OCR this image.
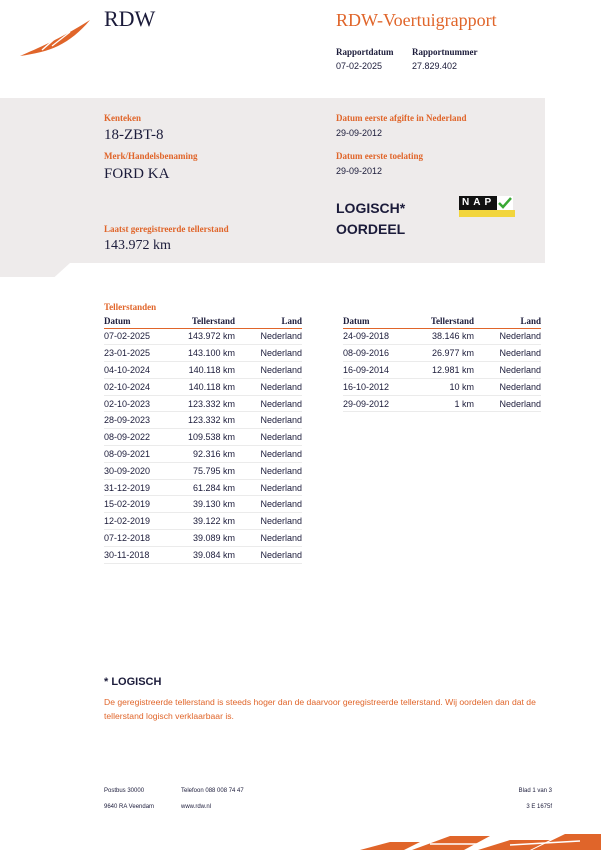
RDW	RDW-Voertuigrapport
Rapportdatum Rapportnummer
07-02-2025	27.829.402
Kenteken
18-ZBT-8
Merk/Handelsbenaming
FORD KA
Laatst geregistreerde tellerstand
143.972 km
Datum eerste afgifte in Nederland
29-09-2012
Datum eerste toelating
29-09-2012
LOGISCH*
OORDEEL
NAP
Tellerstanden
Datum	Tellerstand	Land
07-02-2025	143.972 km	Nederland
23-01-2025	143.100 km	Nederland
04-10-2024	140.118 km	Nederland
02-10-2024	140.118 km	Nederland
02-10-2023	123.332 km	Nederland
28-09-2023	123.332 km	Nederland
08-09-2022	109.538 km	Nederland
08-09-2021	92.316 km	Nederland
30-09-2020	75.795 km	Nederland
31-12-2019	61.284 km	Nederland
15-02-2019	39.130 km	Nederland
12-02-2019	39.122 km	Nederland
07-12-2018	39.089 km	Nederland
30-11-2018	39.084 km	Nederland
Datum	Tellerstand	Land
24-09-2018	38.146 km	Nederland
08-09-2016	26.977 km	Nederland
16-09-2014	12.981 km	Nederland
16-10-2012	10 km	Nederland
29-09-2012	1 km	Nederland
* LOGISCH
De geregistreerde tellerstand is steeds hoger dan de daarvoor geregistreerde tellerstand. Wij oordelen dan dat de tellerstand logisch verklaarbaar is.
Postbus 30000
9640 RA Veendam
Telefoon 088 008 74 47
www.rdw.nl
Blad 1 van 3
3 E 1675f
